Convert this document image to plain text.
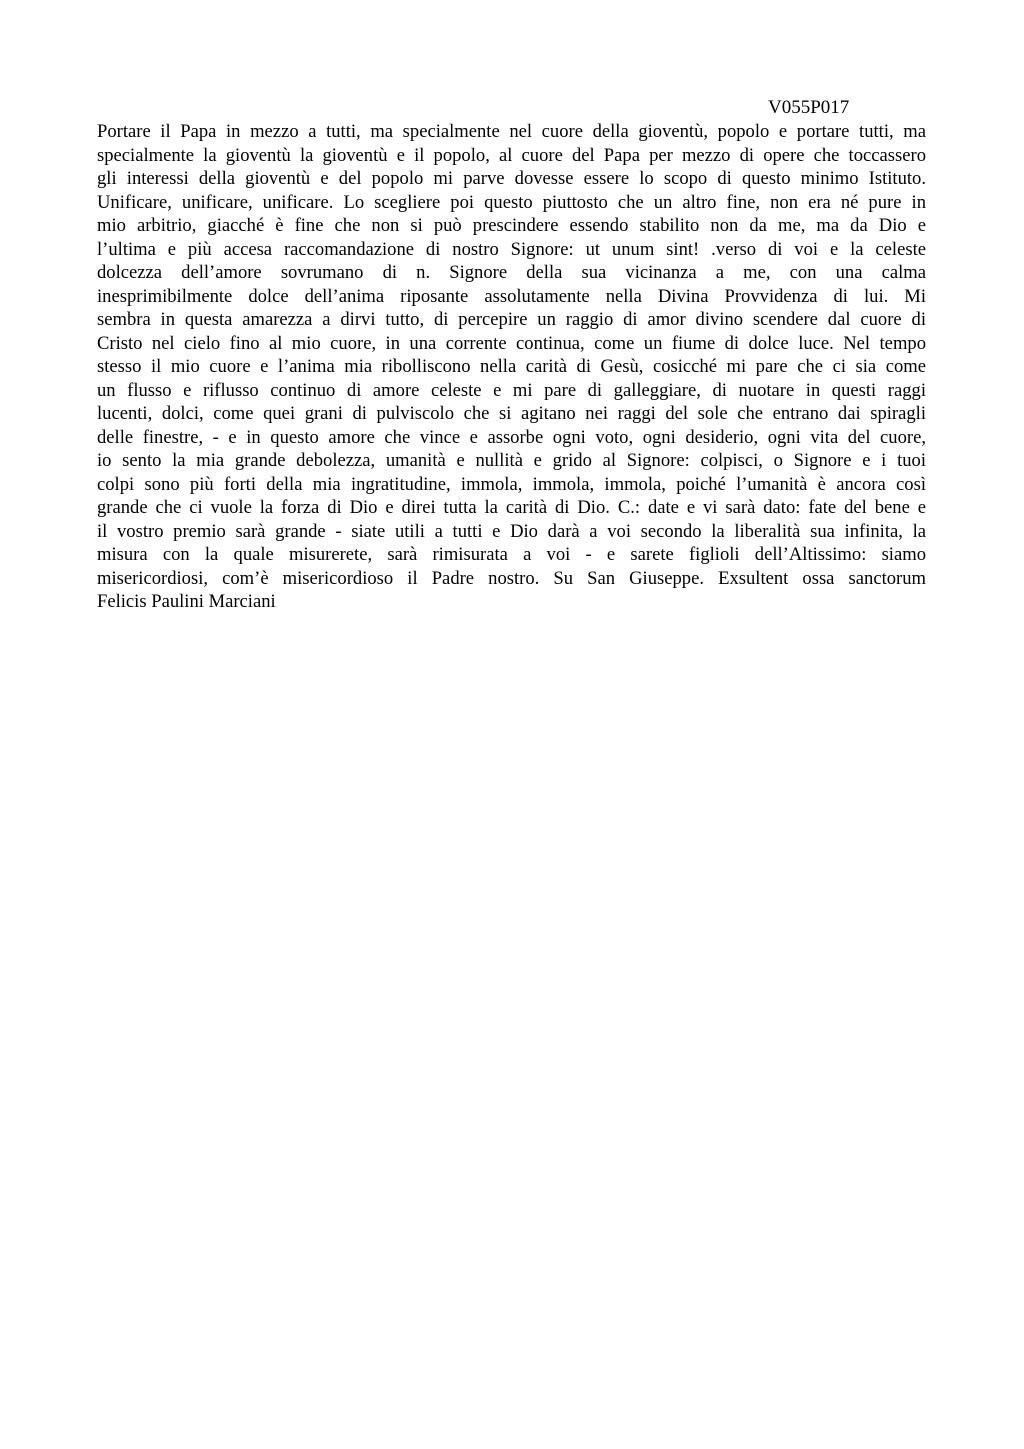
V055P017
Portare il Papa in mezzo a tutti, ma specialmente nel cuore della gioventù, popolo e portare tutti, ma
specialmente la gioventù la gioventù e il popolo, al cuore del Papa per mezzo di opere che toccassero
gli interessi della gioventù e del popolo mi parve dovesse essere lo scopo di questo minimo Istituto.
Unificare, unificare, unificare. Lo scegliere poi questo piuttosto che un altro fine, non era né pure in
mio arbitrio, giacché è fine che non si può prescindere essendo stabilito non da me, ma da Dio e
l’ultima e più accesa raccomandazione di nostro Signore: ut unum sint! .verso di voi e la celeste
dolcezza dell’amore sovrumano di n. Signore della sua vicinanza a me, con una calma
inesprimibilmente dolce dell’anima riposante assolutamente nella Divina Provvidenza di lui. Mi
sembra in questa amarezza a dirvi tutto, di percepire un raggio di amor divino scendere dal cuore di
Cristo nel cielo fino al mio cuore, in una corrente continua, come un fiume di dolce luce. Nel tempo
stesso il mio cuore e l’anima mia ribolliscono nella carità di Gesù, cosicché mi pare che ci sia come
un flusso e riflusso continuo di amore celeste e mi pare di galleggiare, di nuotare in questi raggi
lucenti, dolci, come quei grani di pulviscolo che si agitano nei raggi del sole che entrano dai spiragli
delle finestre, - e in questo amore che vince e assorbe ogni voto, ogni desiderio, ogni vita del cuore,
io sento la mia grande debolezza, umanità e nullità e grido al Signore: colpisci, o Signore e i tuoi
colpi sono più forti della mia ingratitudine, immola, immola, immola, poiché l’umanità è ancora così
grande che ci vuole la forza di Dio e direi tutta la carità di Dio. C.: date e vi sarà dato: fate del bene e
il vostro premio sarà grande - siate utili a tutti e Dio darà a voi secondo la liberalità sua infinita, la
misura con la quale misurerete, sarà rimisurata a voi - e sarete figlioli dell’Altissimo: siamo
misericordiosi, com’è misericordioso il Padre nostro. Su San Giuseppe. Exsultent ossa sanctorum
Felicis Paulini Marciani
